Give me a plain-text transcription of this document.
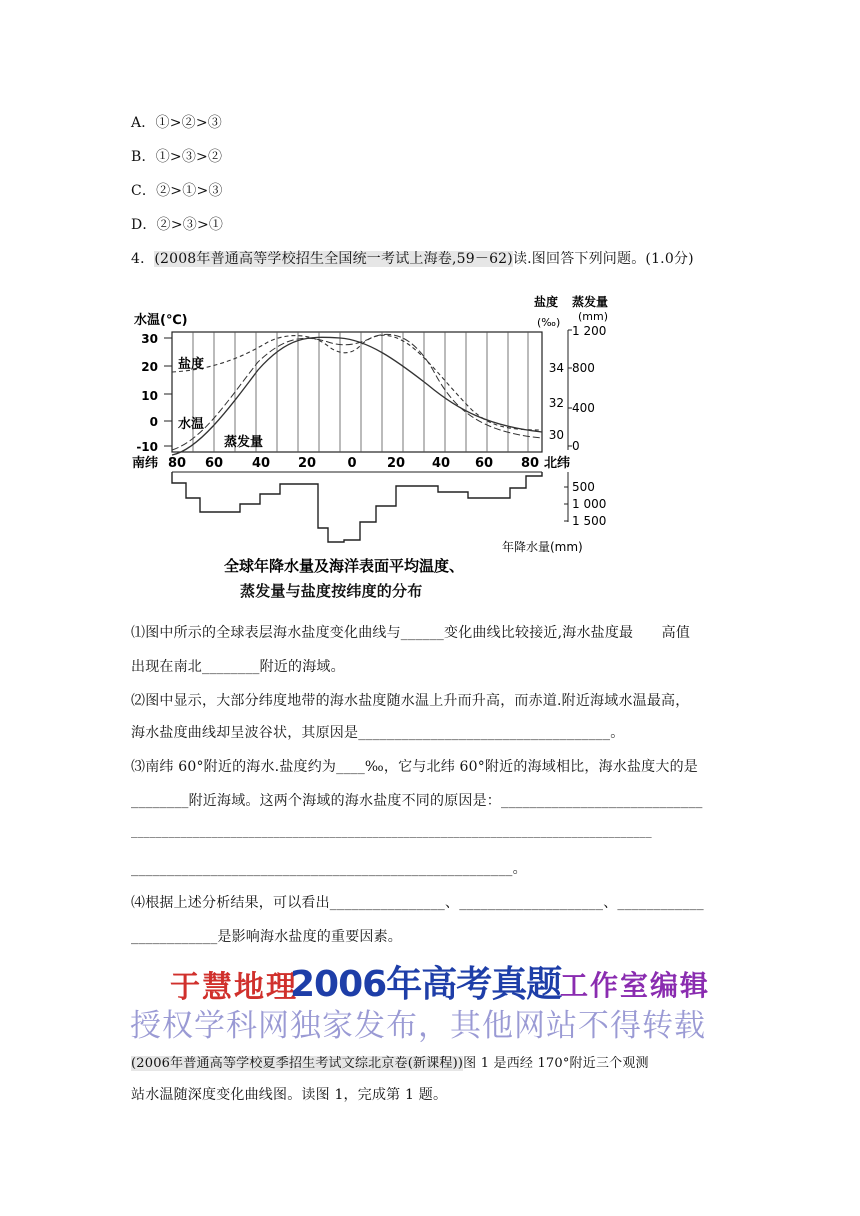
A．①>②>③
B．①>③>②
C．②>①>③
D．②>③>①
4．(2008年普通高等学校招生全国统一考试上海卷,59－62)读.图回答下列问题。(1.0分)
水温(℃)
30
20
10
0
-10
盐度
(‰)
蒸发量
(mm)
34
32
30
1 200
800
400
0
盐度
水温
蒸发量
南纬	北纬
80 60 40 20 0 20 40 60 80
500
1 000
1 500
年降水量(mm)
全球年降水量及海洋表面平均温度、
蒸发量与盐度按纬度的分布
⑴图中所示的全球表层海水盐度变化曲线与______变化曲线比较接近,海水盐度最　　高值
出现在南北________附近的海域。
⑵图中显示，大部分纬度地带的海水盐度随水温上升而升高，而赤道.附近海域水温最高，
海水盐度曲线却呈波谷状，其原因是___________________________________。
⑶南纬 60°附近的海水.盐度约为____‰，它与北纬 60°附近的海域相比，海水盐度大的是
________附近海域。这两个海域的海水盐度不同的原因是：____________________________
____________________________________________________________________________________
_____________________________________________________。
⑷根据上述分析结果，可以看出________________、____________________、____________
____________是影响海水盐度的重要因素。
于慧地理
2006年高考真题
工作室编辑
授权学科网独家发布，其他网站不得转载
(2006年普通高等学校夏季招生考试文综北京卷(新课程))图 1 是西经 170°附近三个观测
站水温随深度变化曲线图。读图 1，完成第 1 题。
